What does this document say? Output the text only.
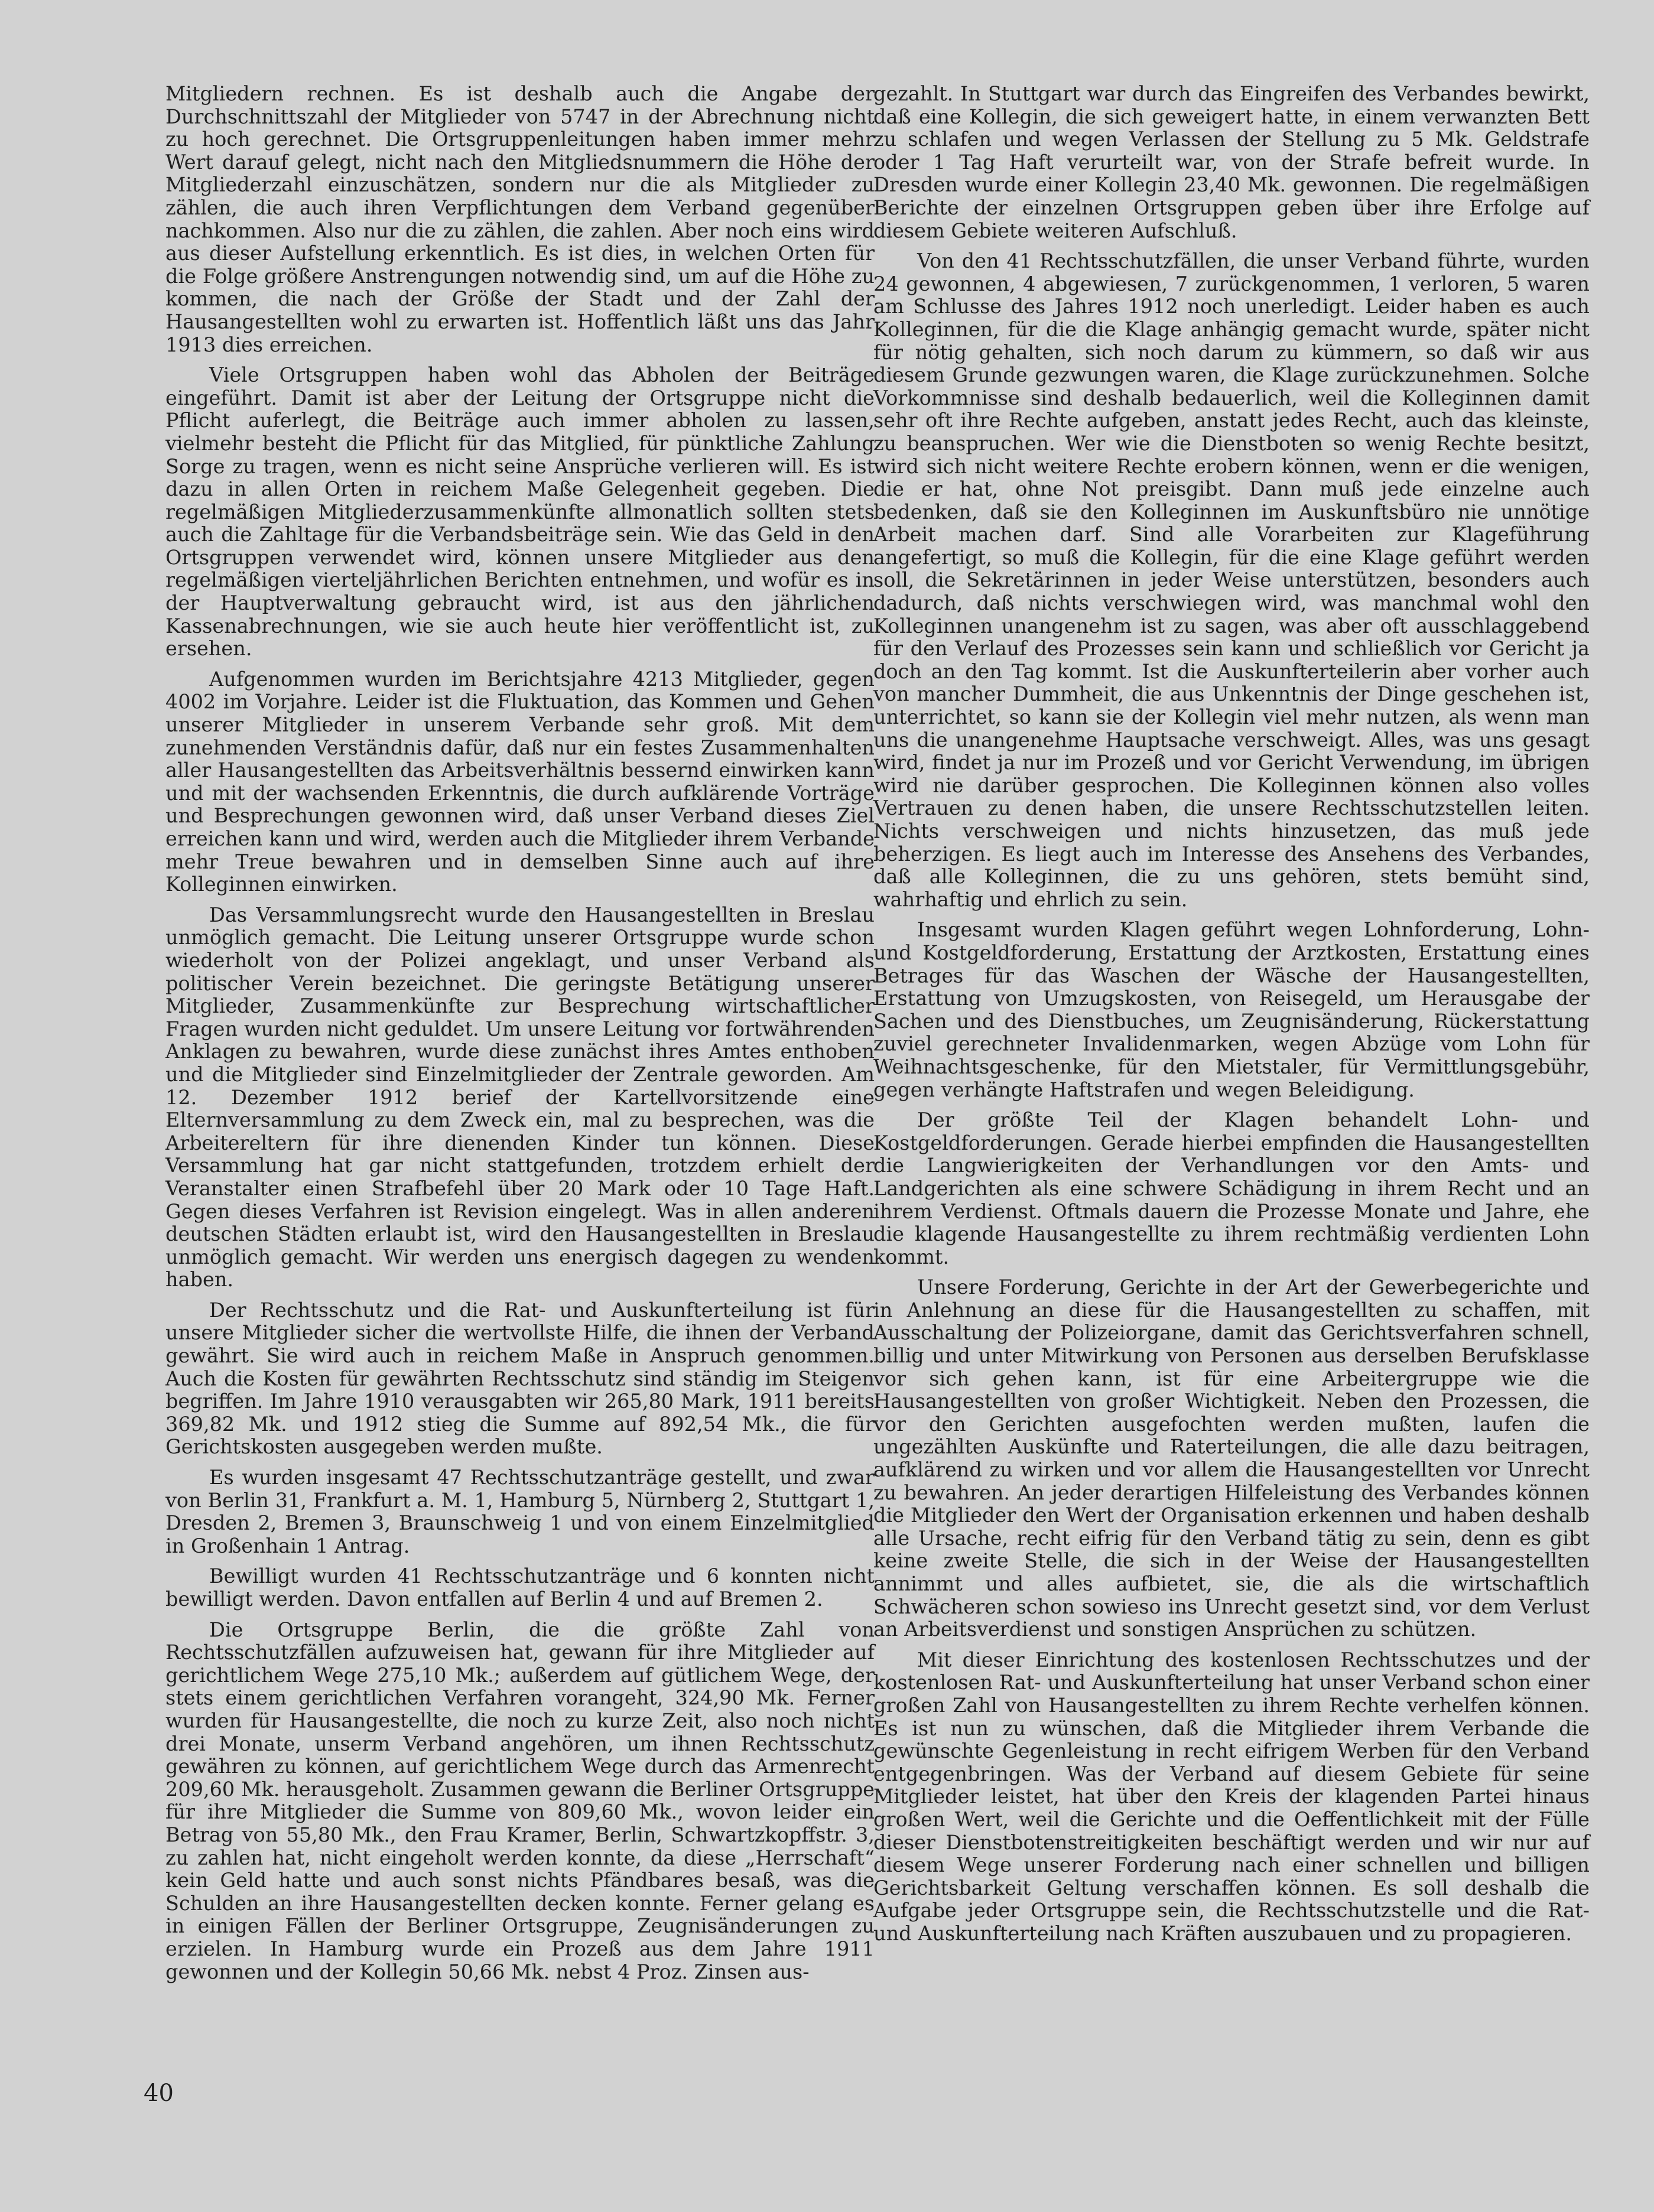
Mitgliedern rechnen. Es ist deshalb auch die Angabe der Durchschnittszahl der Mitglieder von 5747 in der Abrechnung nicht zu hoch gerechnet. Die Ortsgruppenleitungen haben immer mehr Wert darauf gelegt, nicht nach den Mitgliedsnummern die Höhe der Mitgliederzahl einzuschätzen, sondern nur die als Mitglieder zu zählen, die auch ihren Verpflichtungen dem Verband gegenüber nachkommen. Also nur die zu zählen, die zahlen. Aber noch eins wird aus dieser Aufstellung erkenntlich. Es ist dies, in welchen Orten für die Folge größere Anstrengungen notwendig sind, um auf die Höhe zu kommen, die nach der Größe der Stadt und der Zahl der Hausangestellten wohl zu erwarten ist. Hoffentlich läßt uns das Jahr 1913 dies erreichen.

Viele Ortsgruppen haben wohl das Abholen der Beiträge eingeführt. Damit ist aber der Leitung der Ortsgruppe nicht die Pflicht auferlegt, die Beiträge auch immer abholen zu lassen, vielmehr besteht die Pflicht für das Mitglied, für pünktliche Zahlung Sorge zu tragen, wenn es nicht seine Ansprüche verlieren will. Es ist dazu in allen Orten in reichem Maße Gelegenheit gegeben. Die regelmäßigen Mitgliederzusammenkünfte allmonatlich sollten stets auch die Zahltage für die Verbandsbeiträge sein. Wie das Geld in den Ortsgruppen verwendet wird, können unsere Mitglieder aus den regelmäßigen vierteljährlichen Berichten entnehmen, und wofür es in der Hauptverwaltung gebraucht wird, ist aus den jährlichen Kassenabrechnungen, wie sie auch heute hier veröffentlicht ist, zu ersehen.

Aufgenommen wurden im Berichtsjahre 4213 Mitglieder, gegen 4002 im Vorjahre. Leider ist die Fluktuation, das Kommen und Gehen unserer Mitglieder in unserem Verbande sehr groß. Mit dem zunehmenden Verständnis dafür, daß nur ein festes Zusammenhalten aller Hausangestellten das Arbeitsverhältnis bessernd einwirken kann und mit der wachsenden Erkenntnis, die durch aufklärende Vorträge und Besprechungen gewonnen wird, daß unser Verband dieses Ziel erreichen kann und wird, werden auch die Mitglieder ihrem Verbande mehr Treue bewahren und in demselben Sinne auch auf ihre Kolleginnen einwirken.

Das Versammlungsrecht wurde den Hausangestellten in Breslau unmöglich gemacht. Die Leitung unserer Ortsgruppe wurde schon wiederholt von der Polizei angeklagt, und unser Verband als politischer Verein bezeichnet. Die geringste Betätigung unserer Mitglieder, Zusammenkünfte zur Besprechung wirtschaftlicher Fragen wurden nicht geduldet. Um unsere Leitung vor fortwährenden Anklagen zu bewahren, wurde diese zunächst ihres Amtes enthoben und die Mitglieder sind Einzelmitglieder der Zentrale geworden. Am 12. Dezember 1912 berief der Kartellvorsitzende eine Elternversammlung zu dem Zweck ein, mal zu besprechen, was die Arbeitereltern für ihre dienenden Kinder tun können. Diese Versammlung hat gar nicht stattgefunden, trotzdem erhielt der Veranstalter einen Strafbefehl über 20 Mark oder 10 Tage Haft. Gegen dieses Verfahren ist Revision eingelegt. Was in allen anderen deutschen Städten erlaubt ist, wird den Hausangestellten in Breslau unmöglich gemacht. Wir werden uns energisch dagegen zu wenden haben.

Der Rechtsschutz und die Rat- und Auskunfterteilung ist für unsere Mitglieder sicher die wertvollste Hilfe, die ihnen der Verband gewährt. Sie wird auch in reichem Maße in Anspruch genommen. Auch die Kosten für gewährten Rechtsschutz sind ständig im Steigen begriffen. Im Jahre 1910 verausgabten wir 265,80 Mark, 1911 bereits 369,82 Mk. und 1912 stieg die Summe auf 892,54 Mk., die für Gerichtskosten ausgegeben werden mußte.

Es wurden insgesamt 47 Rechtsschutzanträge gestellt, und zwar von Berlin 31, Frankfurt a. M. 1, Hamburg 5, Nürnberg 2, Stuttgart 1, Dresden 2, Bremen 3, Braunschweig 1 und von einem Einzelmitglied in Großenhain 1 Antrag.

Bewilligt wurden 41 Rechtsschutzanträge und 6 konnten nicht bewilligt werden. Davon entfallen auf Berlin 4 und auf Bremen 2.

Die Ortsgruppe Berlin, die die größte Zahl von Rechtsschutzfällen aufzuweisen hat, gewann für ihre Mitglieder auf gerichtlichem Wege 275,10 Mk.; außerdem auf gütlichem Wege, der stets einem gerichtlichen Verfahren vorangeht, 324,90 Mk. Ferner wurden für Hausangestellte, die noch zu kurze Zeit, also noch nicht drei Monate, unserm Verband angehören, um ihnen Rechtsschutz gewähren zu können, auf gerichtlichem Wege durch das Armenrecht 209,60 Mk. herausgeholt. Zusammen gewann die Berliner Ortsgruppe für ihre Mitglieder die Summe von 809,60 Mk., wovon leider ein Betrag von 55,80 Mk., den Frau Kramer, Berlin, Schwartzkopffstr. 3, zu zahlen hat, nicht eingeholt werden konnte, da diese „Herrschaft“ kein Geld hatte und auch sonst nichts Pfändbares besaß, was die Schulden an ihre Hausangestellten decken konnte. Ferner gelang es in einigen Fällen der Berliner Ortsgruppe, Zeugnisänderungen zu erzielen. In Hamburg wurde ein Prozeß aus dem Jahre 1911 gewonnen und der Kollegin 50,66 Mk. nebst 4 Proz. Zinsen aus-

gezahlt. In Stuttgart war durch das Eingreifen des Verbandes bewirkt, daß eine Kollegin, die sich geweigert hatte, in einem verwanzten Bett zu schlafen und wegen Verlassen der Stellung zu 5 Mk. Geldstrafe oder 1 Tag Haft verurteilt war, von der Strafe befreit wurde. In Dresden wurde einer Kollegin 23,40 Mk. gewonnen. Die regelmäßigen Berichte der einzelnen Ortsgruppen geben über ihre Erfolge auf diesem Gebiete weiteren Aufschluß.

Von den 41 Rechtsschutzfällen, die unser Verband führte, wurden 24 gewonnen, 4 abgewiesen, 7 zurückgenommen, 1 verloren, 5 waren am Schlusse des Jahres 1912 noch unerledigt. Leider haben es auch Kolleginnen, für die die Klage anhängig gemacht wurde, später nicht für nötig gehalten, sich noch darum zu kümmern, so daß wir aus diesem Grunde gezwungen waren, die Klage zurückzunehmen. Solche Vorkommnisse sind deshalb bedauerlich, weil die Kolleginnen damit sehr oft ihre Rechte aufgeben, anstatt jedes Recht, auch das kleinste, zu beanspruchen. Wer wie die Dienstboten so wenig Rechte besitzt, wird sich nicht weitere Rechte erobern können, wenn er die wenigen, die er hat, ohne Not preisgibt. Dann muß jede einzelne auch bedenken, daß sie den Kolleginnen im Auskunftsbüro nie unnötige Arbeit machen darf. Sind alle Vorarbeiten zur Klageführung angefertigt, so muß die Kollegin, für die eine Klage geführt werden soll, die Sekretärinnen in jeder Weise unterstützen, besonders auch dadurch, daß nichts verschwiegen wird, was manchmal wohl den Kolleginnen unangenehm ist zu sagen, was aber oft ausschlaggebend für den Verlauf des Prozesses sein kann und schließlich vor Gericht ja doch an den Tag kommt. Ist die Auskunfterteilerin aber vorher auch von mancher Dummheit, die aus Unkenntnis der Dinge geschehen ist, unterrichtet, so kann sie der Kollegin viel mehr nutzen, als wenn man uns die unangenehme Hauptsache verschweigt. Alles, was uns gesagt wird, findet ja nur im Prozeß und vor Gericht Verwendung, im übrigen wird nie darüber gesprochen. Die Kolleginnen können also volles Vertrauen zu denen haben, die unsere Rechtsschutzstellen leiten. Nichts verschweigen und nichts hinzusetzen, das muß jede beherzigen. Es liegt auch im Interesse des Ansehens des Verbandes, daß alle Kolleginnen, die zu uns gehören, stets bemüht sind, wahrhaftig und ehrlich zu sein.

Insgesamt wurden Klagen geführt wegen Lohnforderung, Lohn- und Kostgeldforderung, Erstattung der Arztkosten, Erstattung eines Betrages für das Waschen der Wäsche der Hausangestellten, Erstattung von Umzugskosten, von Reisegeld, um Herausgabe der Sachen und des Dienstbuches, um Zeugnisänderung, Rückerstattung zuviel gerechneter Invalidenmarken, wegen Abzüge vom Lohn für Weihnachtsgeschenke, für den Mietstaler, für Vermittlungsgebühr, gegen verhängte Haftstrafen und wegen Beleidigung.

Der größte Teil der Klagen behandelt Lohn- und Kostgeldforderungen. Gerade hierbei empfinden die Hausangestellten die Langwierigkeiten der Verhandlungen vor den Amts- und Landgerichten als eine schwere Schädigung in ihrem Recht und an ihrem Verdienst. Oftmals dauern die Prozesse Monate und Jahre, ehe die klagende Hausangestellte zu ihrem rechtmäßig verdienten Lohn kommt.

Unsere Forderung, Gerichte in der Art der Gewerbegerichte und in Anlehnung an diese für die Hausangestellten zu schaffen, mit Ausschaltung der Polizeiorgane, damit das Gerichtsverfahren schnell, billig und unter Mitwirkung von Personen aus derselben Berufsklasse vor sich gehen kann, ist für eine Arbeitergruppe wie die Hausangestellten von großer Wichtigkeit. Neben den Prozessen, die vor den Gerichten ausgefochten werden mußten, laufen die ungezählten Auskünfte und Raterteilungen, die alle dazu beitragen, aufklärend zu wirken und vor allem die Hausangestellten vor Unrecht zu bewahren. An jeder derartigen Hilfeleistung des Verbandes können die Mitglieder den Wert der Organisation erkennen und haben deshalb alle Ursache, recht eifrig für den Verband tätig zu sein, denn es gibt keine zweite Stelle, die sich in der Weise der Hausangestellten annimmt und alles aufbietet, sie, die als die wirtschaftlich Schwächeren schon sowieso ins Unrecht gesetzt sind, vor dem Verlust an Arbeitsverdienst und sonstigen Ansprüchen zu schützen.

Mit dieser Einrichtung des kostenlosen Rechtsschutzes und der kostenlosen Rat- und Auskunfterteilung hat unser Verband schon einer großen Zahl von Hausangestellten zu ihrem Rechte verhelfen können. Es ist nun zu wünschen, daß die Mitglieder ihrem Verbande die gewünschte Gegenleistung in recht eifrigem Werben für den Verband entgegenbringen. Was der Verband auf diesem Gebiete für seine Mitglieder leistet, hat über den Kreis der klagenden Partei hinaus großen Wert, weil die Gerichte und die Oeffentlichkeit mit der Fülle dieser Dienstbotenstreitigkeiten beschäftigt werden und wir nur auf diesem Wege unserer Forderung nach einer schnellen und billigen Gerichtsbarkeit Geltung verschaffen können. Es soll deshalb die Aufgabe jeder Ortsgruppe sein, die Rechtsschutzstelle und die Rat- und Auskunfterteilung nach Kräften auszubauen und zu propagieren.

40
